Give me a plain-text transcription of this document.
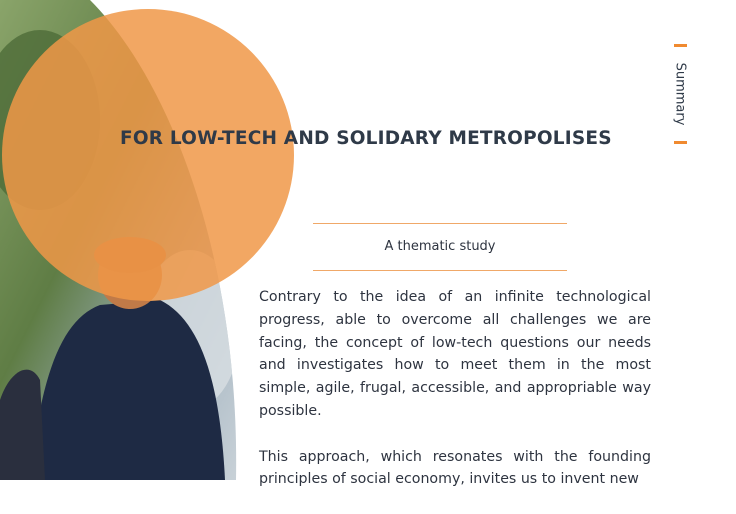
FOR LOW-TECH AND SOLIDARY METROPOLISES
A thematic study

Contrary to the idea of an infinite technological progress, able to overcome all challenges we are facing, the concept of low-tech questions our needs and investigates how to meet them in the most simple, agile, frugal, accessible, and appropriable way possible.

This approach, which resonates with the founding principles of social economy, invites us to invent new

Summary
